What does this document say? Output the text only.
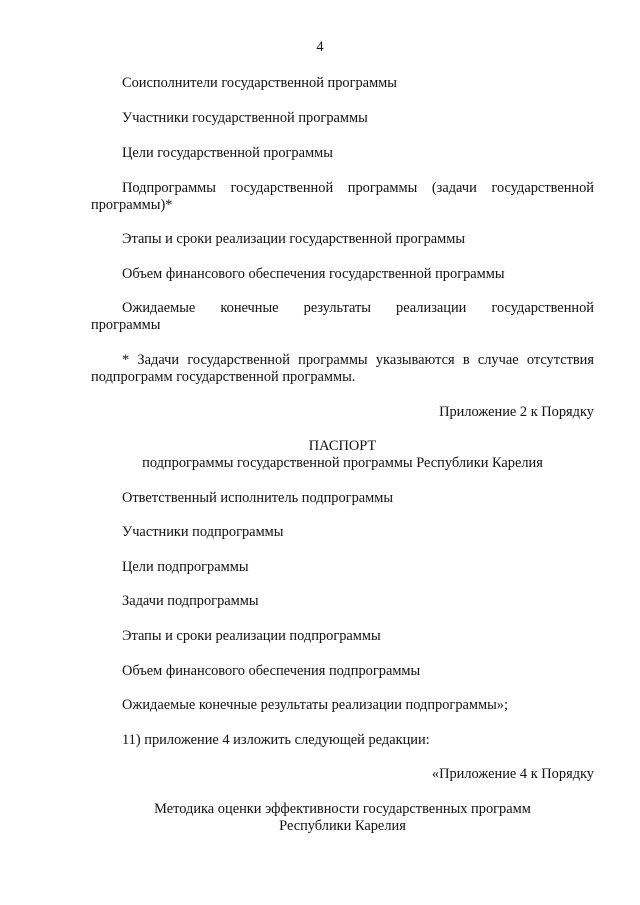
4

Соисполнители государственной программы

Участники государственной программы

Цели государственной программы

Подпрограммы государственной программы (задачи государственной

программы)*

Этапы и сроки реализации государственной программы

Объем финансового обеспечения государственной программы

Ожидаемые конечные результаты реализации государственной

программы

* Задачи государственной программы указываются в случае отсутствия

подпрограмм государственной программы.

Приложение 2 к Порядку

ПАСПОРТ

подпрограммы государственной программы Республики Карелия

Ответственный исполнитель подпрограммы

Участники подпрограммы

Цели подпрограммы

Задачи подпрограммы

Этапы и сроки реализации подпрограммы

Объем финансового обеспечения подпрограммы

Ожидаемые конечные результаты реализации подпрограммы»;

11) приложение 4 изложить следующей редакции:

«Приложение 4 к Порядку

Методика оценки эффективности государственных программ

Республики Карелия
